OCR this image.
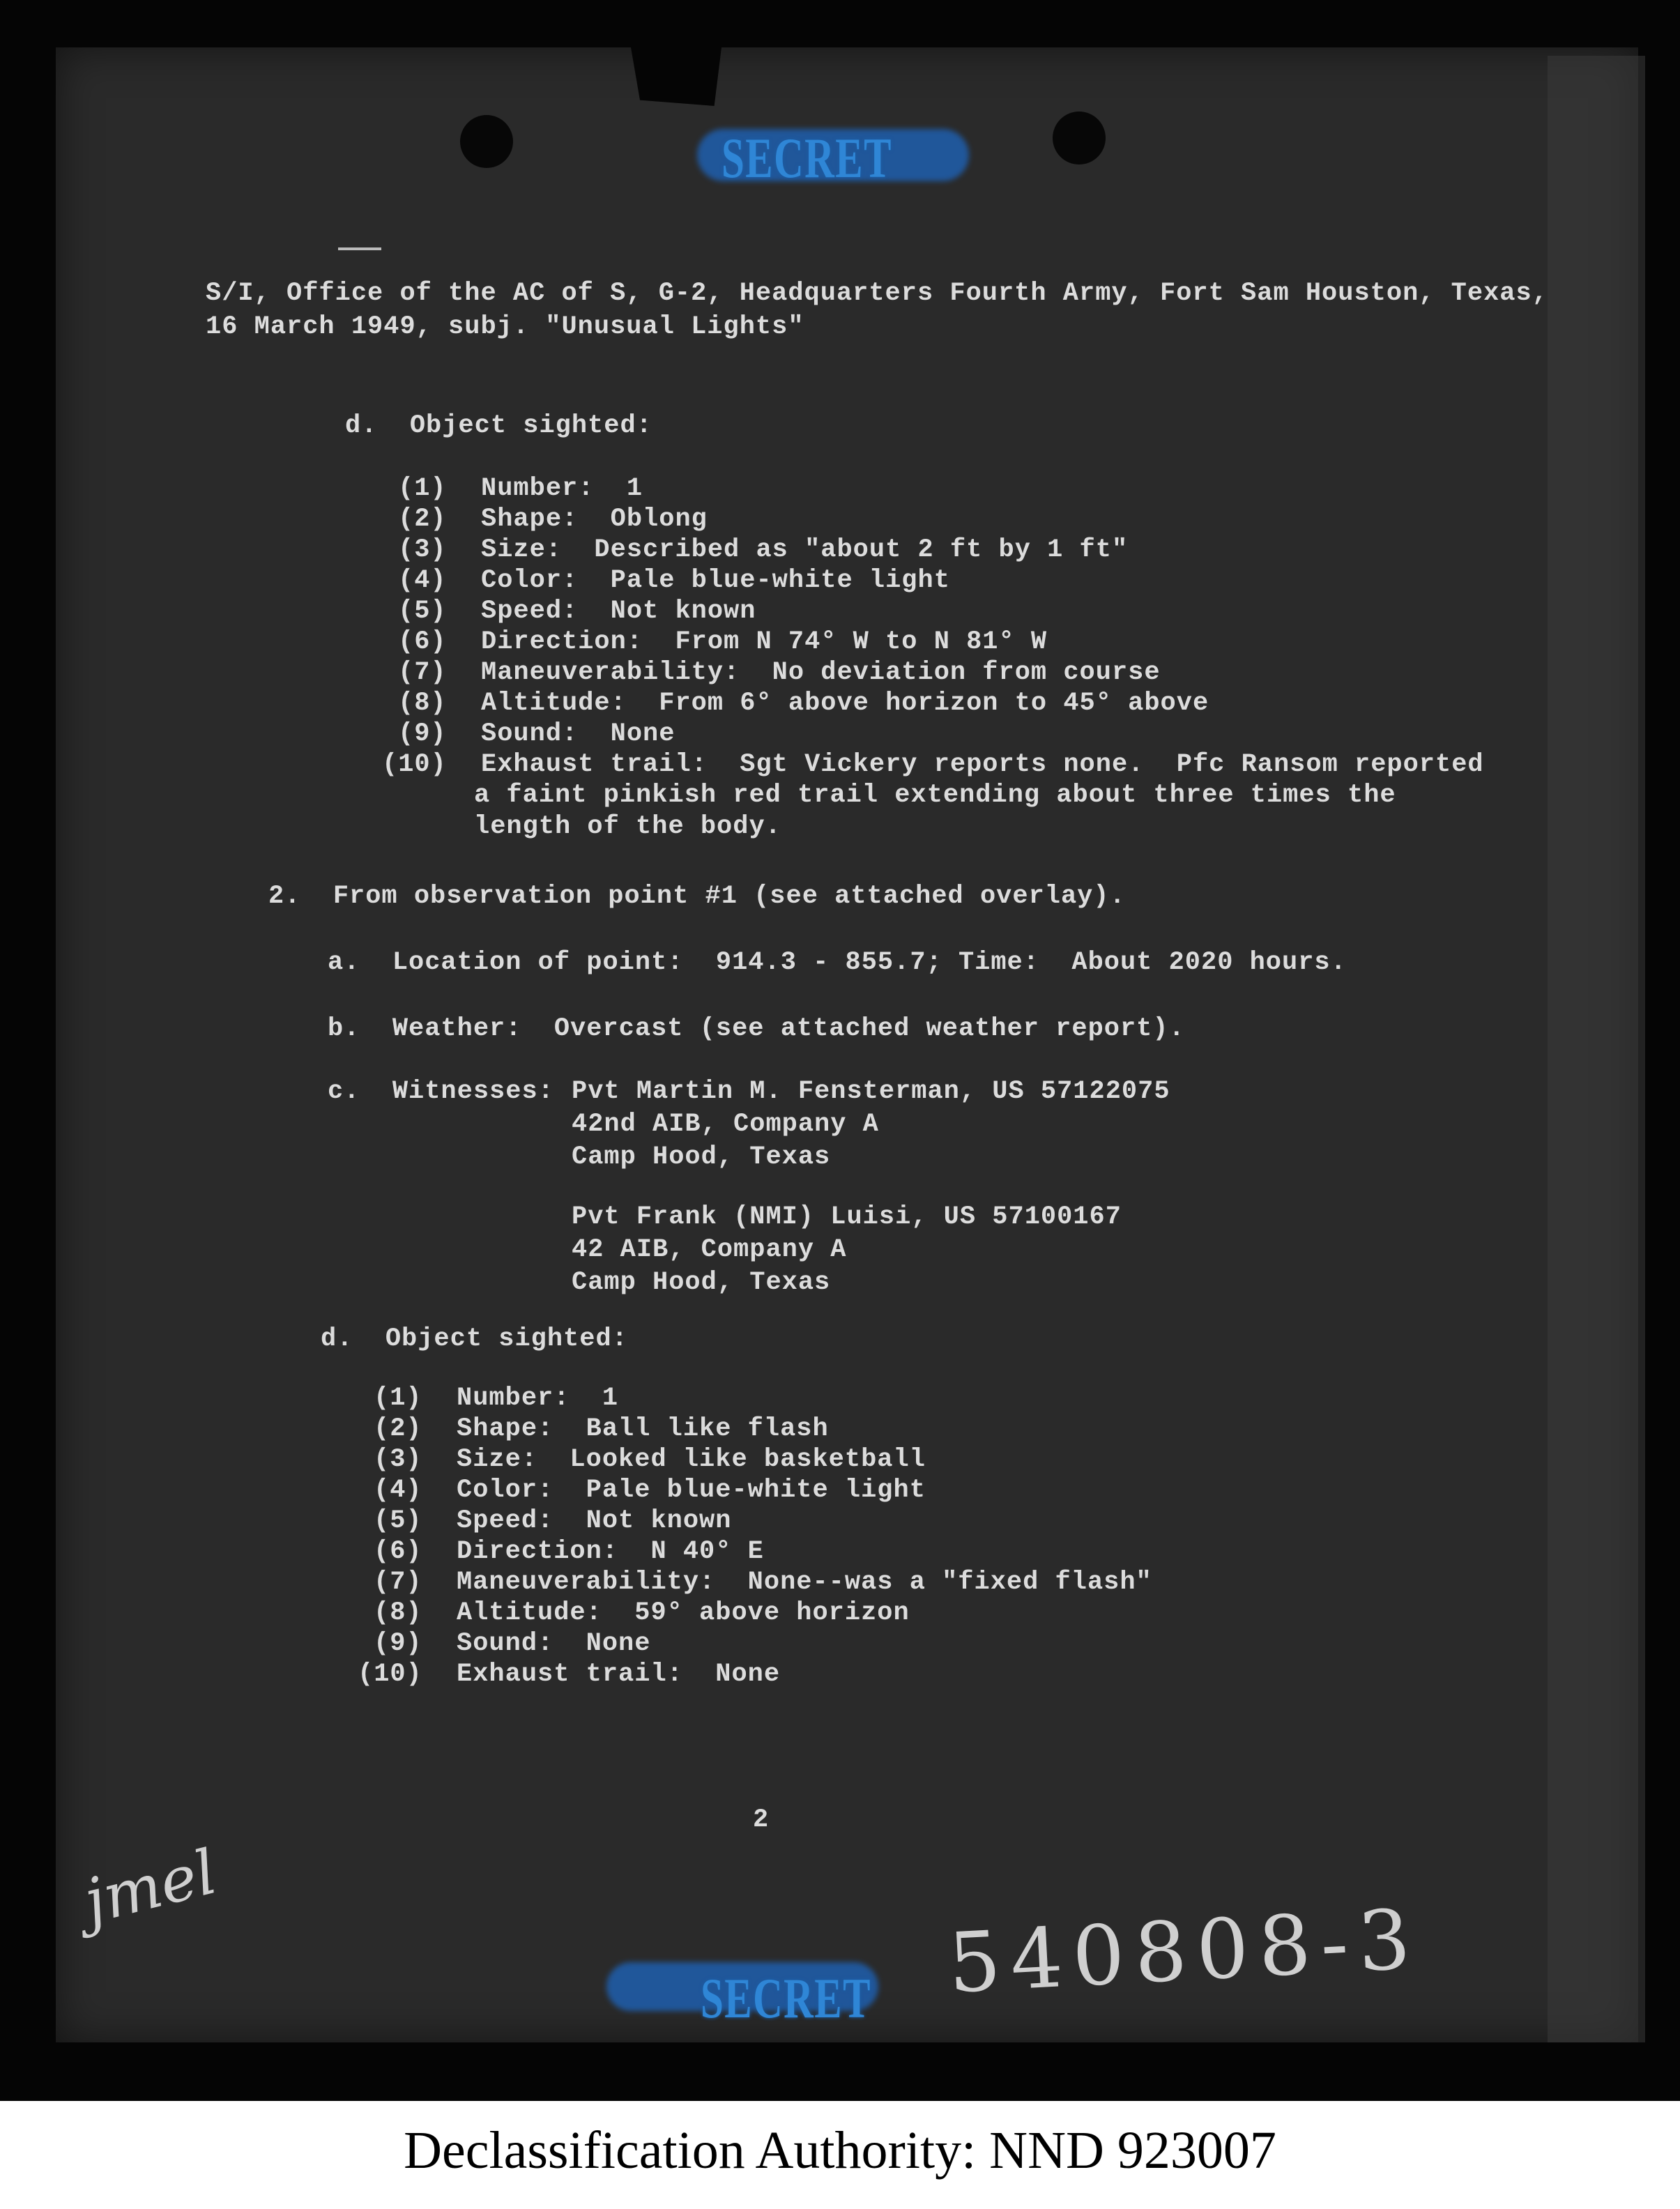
SECRET
S/I, Office of the AC of S, G-2, Headquarters Fourth Army, Fort Sam Houston, Texas,
16 March 1949, subj. "Unusual Lights"
d.  Object sighted:
(1) Number:  1
(2) Shape:  Oblong
(3) Size:  Described as "about 2 ft by 1 ft"
(4) Color:  Pale blue-white light
(5) Speed:  Not known
(6) Direction:  From N 74° W to N 81° W
(7) Maneuverability:  No deviation from course
(8) Altitude:  From 6° above horizon to 45° above
(9) Sound:  None
(10) Exhaust trail:  Sgt Vickery reports none.  Pfc Ransom reported
a faint pinkish red trail extending about three times the
length of the body.
2.  From observation point #1 (see attached overlay).
a.  Location of point:  914.3 - 855.7; Time:  About 2020 hours.
b.  Weather:  Overcast (see attached weather report).
c.  Witnesses: Pvt Martin M. Fensterman, US 57122075
42nd AIB, Company A
Camp Hood, Texas
Pvt Frank (NMI) Luisi, US 57100167
42 AIB, Company A
Camp Hood, Texas
d.  Object sighted:
(1) Number:  1
(2) Shape:  Ball like flash
(3) Size:  Looked like basketball
(4) Color:  Pale blue-white light
(5) Speed:  Not known
(6) Direction:  N 40° E
(7) Maneuverability:  None--was a "fixed flash"
(8) Altitude:  59° above horizon
(9) Sound:  None
(10) Exhaust trail:  None
2
jmel
540808-3
SECRET
Declassification Authority: NND 923007
